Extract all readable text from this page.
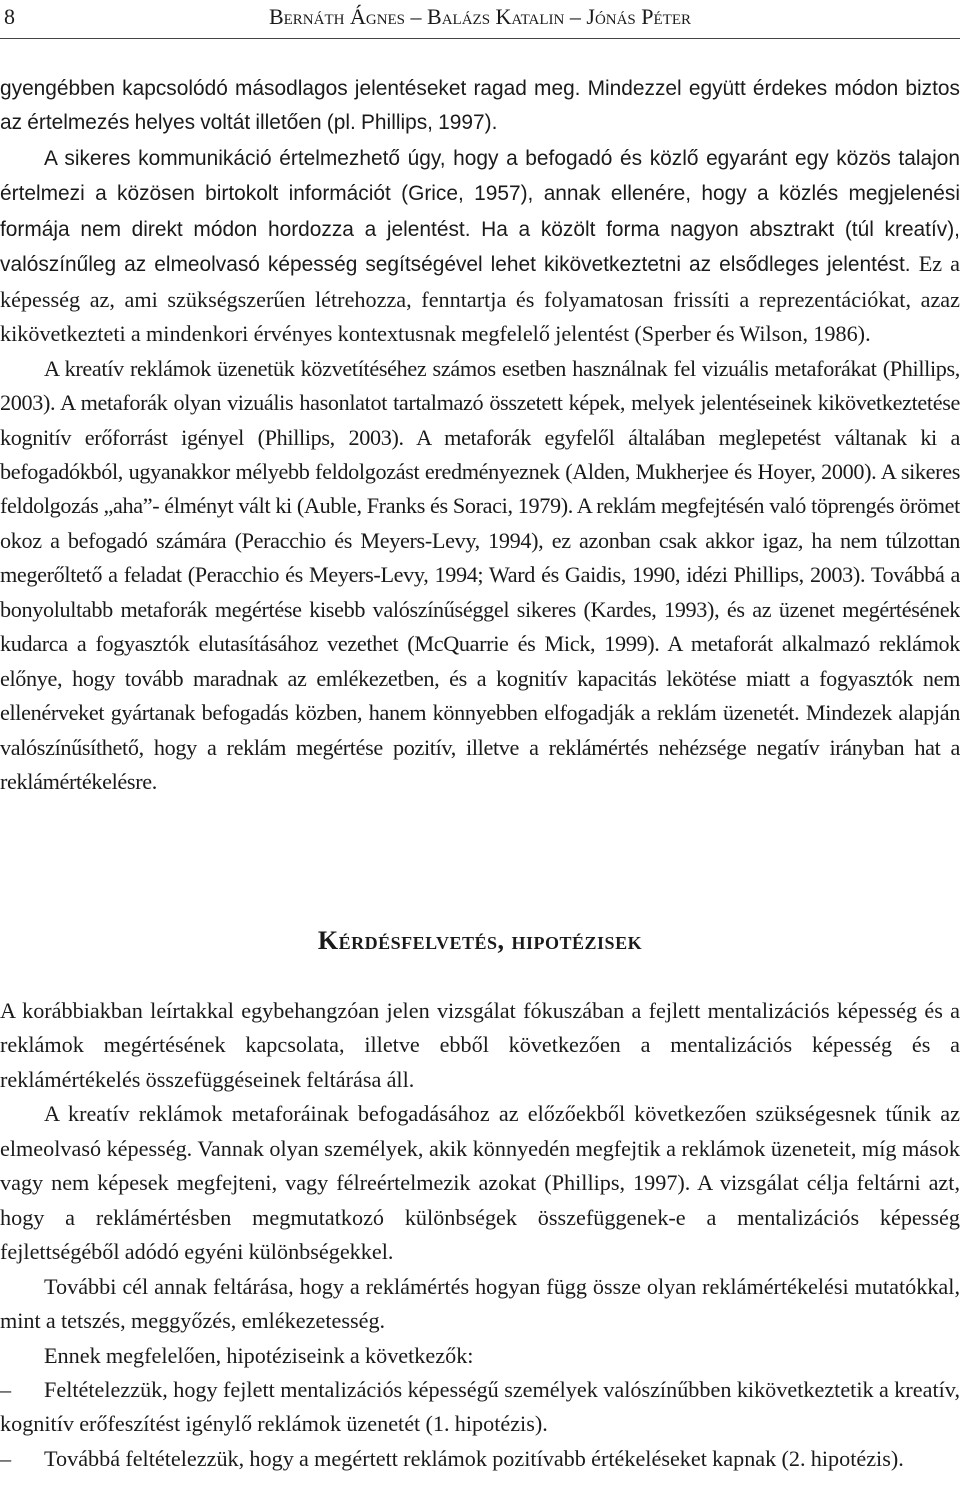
8	Bernáth Ágnes – Balázs Katalin – Jónás Péter

gyengébben kapcsolódó másodlagos jelentéseket ragad meg. Mindezzel együtt érdekes módon biztos az értelmezés helyes voltát illetően (pl. Phillips, 1997).

A sikeres kommunikáció értelmezhető úgy, hogy a befogadó és közlő egyaránt egy közös talajon értelmezi a közösen birtokolt információt (Grice, 1957), annak ellenére, hogy a közlés megjelenési formája nem direkt módon hordozza a jelentést. Ha a közölt forma nagyon absztrakt (túl kreatív), valószínűleg az elmeolvasó képesség segítségével lehet kikövetkeztetni az elsődleges jelentést. Ez a képesség az, ami szükségszerűen létrehozza, fenntartja és folyamatosan frissíti a reprezentációkat, azaz kikövetkezteti a mindenkori érvényes kontextusnak megfelelő jelentést (Sperber és Wilson, 1986).

A kreatív reklámok üzenetük közvetítéséhez számos esetben használnak fel vizuális metaforákat (Phillips, 2003). A metaforák olyan vizuális hasonlatot tartalmazó összetett képek, melyek jelentéseinek kikövetkeztetése kognitív erőforrást igényel (Phillips, 2003). A metaforák egyfelől általában meglepetést váltanak ki a befogadókból, ugyanakkor mélyebb feldolgozást eredményeznek (Alden, Mukherjee és Hoyer, 2000). A sikeres feldolgozás „aha”- élményt vált ki (Auble, Franks és Soraci, 1979). A reklám megfejtésén való töprengés örömet okoz a befogadó számára (Peracchio és Meyers-Levy, 1994), ez azonban csak akkor igaz, ha nem túlzottan megerőltető a feladat (Peracchio és Meyers-Levy, 1994; Ward és Gaidis, 1990, idézi Phillips, 2003). Továbbá a bonyolultabb metaforák megértése kisebb valószínűséggel sikeres (Kardes, 1993), és az üzenet megértésének kudarca a fogyasztók elutasításához vezethet (McQuarrie és Mick, 1999). A metaforát alkalmazó reklámok előnye, hogy tovább maradnak az emlékezetben, és a kognitív kapacitás lekötése miatt a fogyasztók nem ellenérveket gyártanak befogadás közben, hanem könnyebben elfogadják a reklám üzenetét. Mindezek alapján valószínűsíthető, hogy a reklám megértése pozitív, illetve a reklámértés nehézsége negatív irányban hat a reklámértékelésre.

Kérdésfelvetés, hipotézisek

A korábbiakban leírtakkal egybehangzóan jelen vizsgálat fókuszában a fejlett mentalizációs képesség és a reklámok megértésének kapcsolata, illetve ebből következően a mentalizációs képesség és a reklámértékelés összefüggéseinek feltárása áll.

A kreatív reklámok metaforáinak befogadásához az előzőekből következően szükségesnek tűnik az elmeolvasó képesség. Vannak olyan személyek, akik könnyedén megfejtik a reklámok üzeneteit, míg mások vagy nem képesek megfejteni, vagy félreértelmezik azokat (Phillips, 1997). A vizsgálat célja feltárni azt, hogy a reklámértésben megmutatkozó különbségek összefüggenek-e a mentalizációs képesség fejlettségéből adódó egyéni különbségekkel.

További cél annak feltárása, hogy a reklámértés hogyan függ össze olyan reklámértékelési mutatókkal, mint a tetszés, meggyőzés, emlékezetesség.

Ennek megfelelően, hipotéziseink a következők:

– Feltételezzük, hogy fejlett mentalizációs képességű személyek valószínűbben kikövetkeztetik a kreatív, kognitív erőfeszítést igénylő reklámok üzenetét (1. hipotézis).

– Továbbá feltételezzük, hogy a megértett reklámok pozitívabb értékeléseket kapnak (2. hipotézis).
